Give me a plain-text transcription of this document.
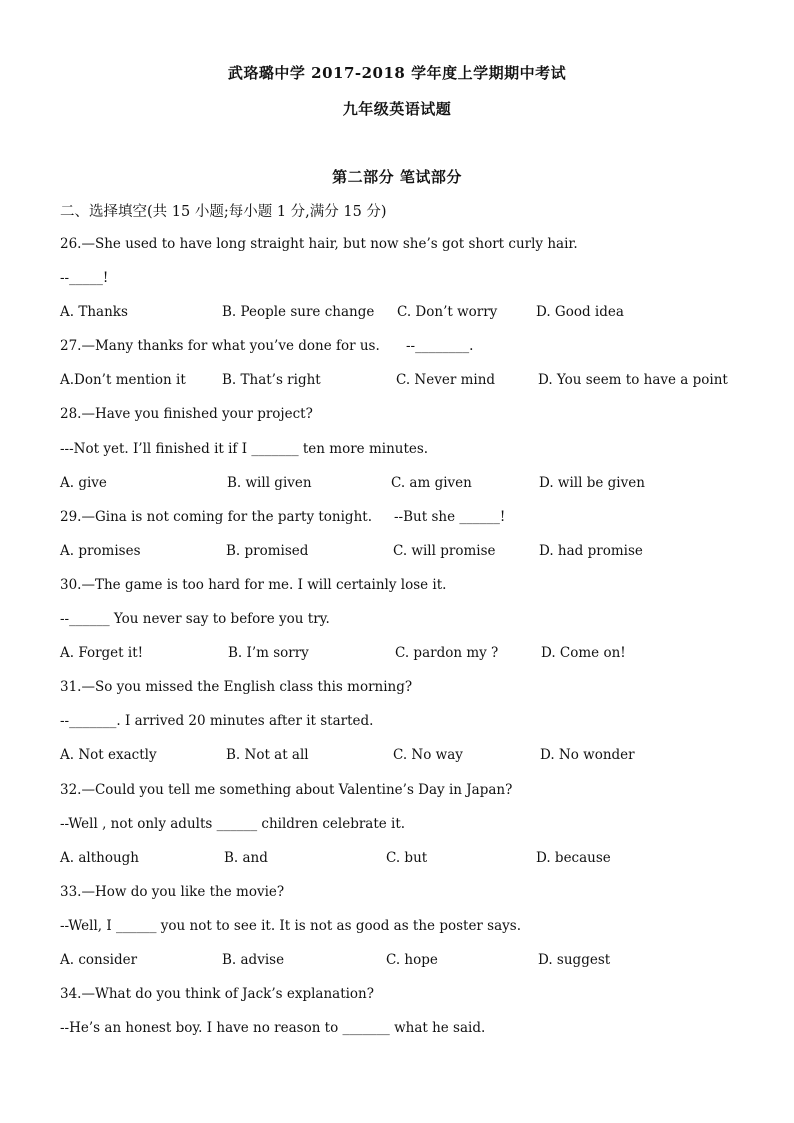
武珞璐中学 2017-2018 学年度上学期期中考试
九年级英语试题
第二部分 笔试部分
二、选择填空(共 15 小题;每小题 1 分,满分 15 分)
26.—She used to have long straight hair, but now she’s got short curly hair.
--_____!
A. Thanks	B. People sure change C. Don’t worry	D. Good idea
27.—Many thanks for what you’ve done for us. --________.
A.Don’t mention it	B. That’s right	C. Never mind	D. You seem to have a point
28.—Have you finished your project?
---Not yet. I’ll finished it if I _______ ten more minutes.
A. give	B. will given	C. am given	D. will be given
29.—Gina is not coming for the party tonight. --But she ______!
A. promises	B. promised	C. will promise	D. had promise
30.—The game is too hard for me. I will certainly lose it.
--______ You never say to before you try.
A. Forget it!	B. I’m sorry	C. pardon my ?	D. Come on!
31.—So you missed the English class this morning?
--_______. I arrived 20 minutes after it started.
A. Not exactly	B. Not at all	C. No way	D. No wonder
32.—Could you tell me something about Valentine’s Day in Japan?
--Well , not only adults ______ children celebrate it.
A. although	B. and	C. but	D. because
33.—How do you like the movie?
--Well, I ______ you not to see it. It is not as good as the poster says.
A. consider	B. advise	C. hope	D. suggest
34.—What do you think of Jack’s explanation?
--He’s an honest boy. I have no reason to _______ what he said.
